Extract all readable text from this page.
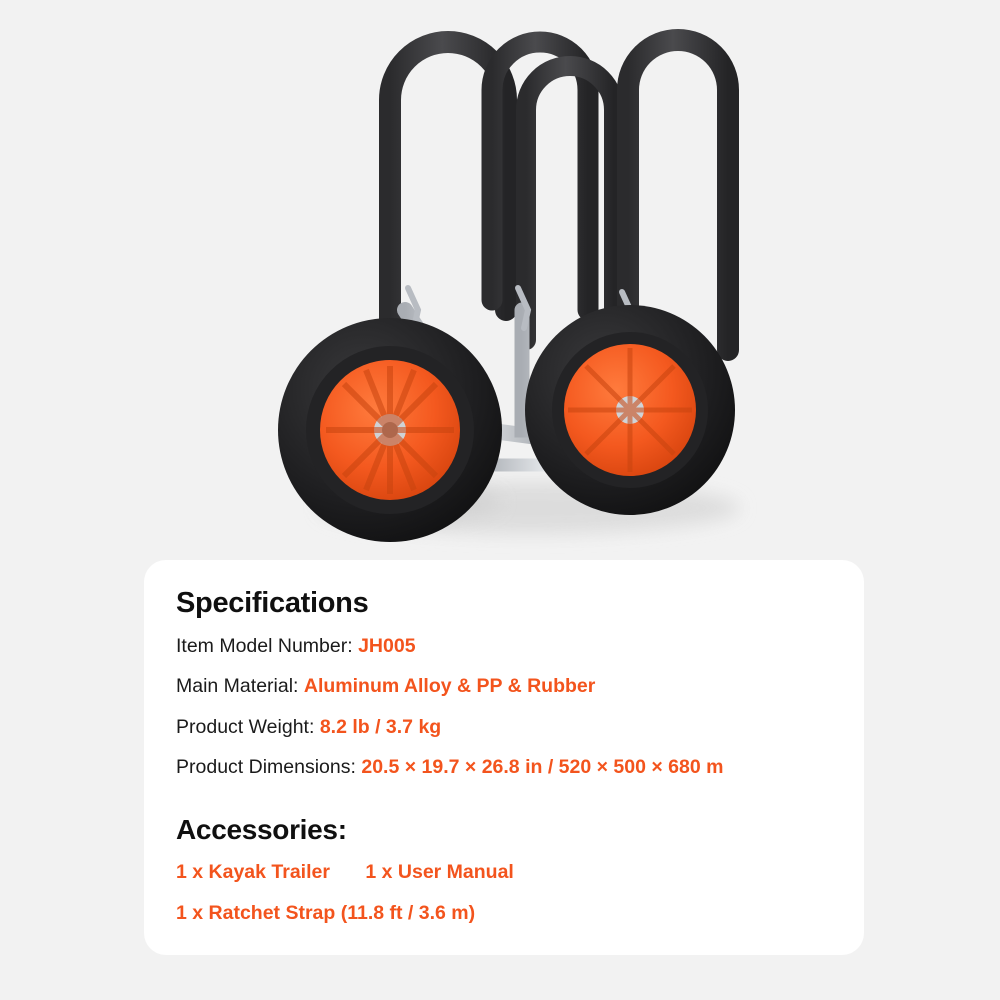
Specifications
Item Model Number: JH005
Main Material: Aluminum Alloy & PP & Rubber
Product Weight: 8.2 lb / 3.7 kg
Product Dimensions: 20.5 × 19.7 × 26.8 in / 520 × 500 × 680 m
Accessories:
1 x Kayak Trailer 1 x User Manual
1 x Ratchet Strap (11.8 ft / 3.6 m)
